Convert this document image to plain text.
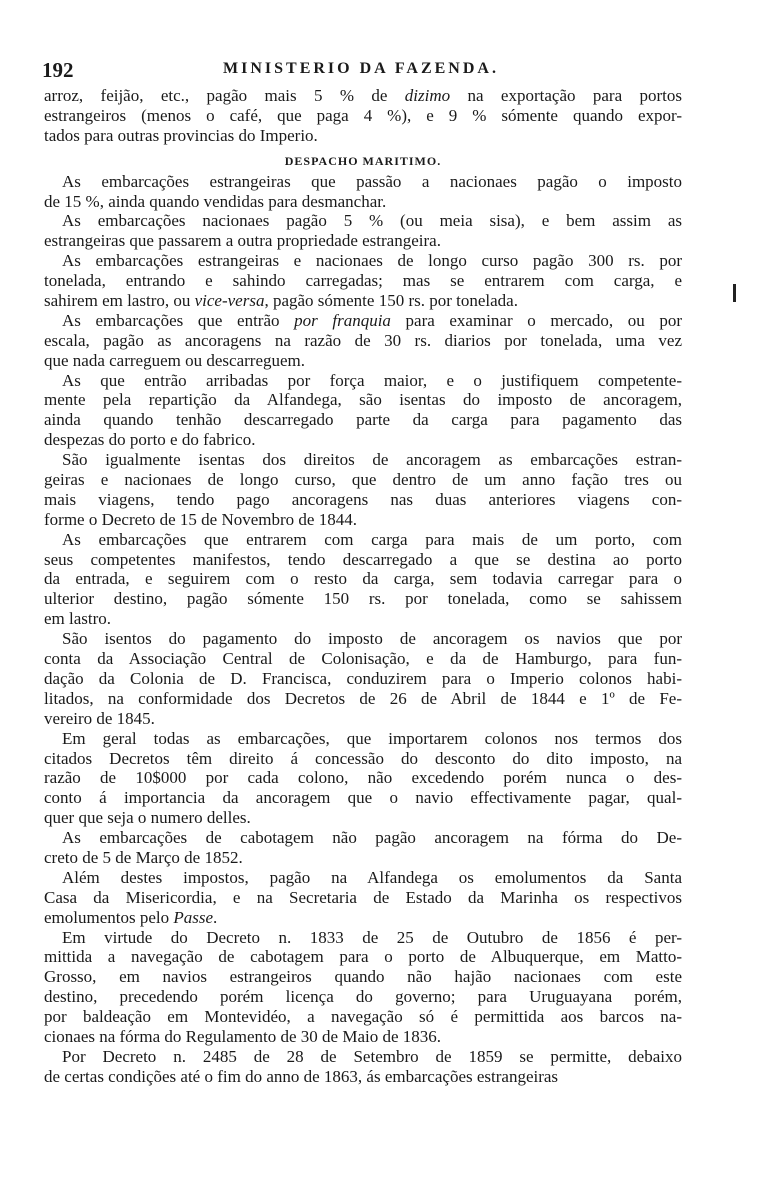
192	MINISTERIO DA FAZENDA.
arroz, feijão, etc., pagão mais 5 % de dizimo na exportação para portos
estrangeiros (menos o café, que paga 4 %), e 9 % sómente quando expor-
tados para outras provincias do Imperio.
DESPACHO MARITIMO.
As embarcações estrangeiras que passão a nacionaes pagão o imposto
de 15 %, ainda quando vendidas para desmanchar.
As embarcações nacionaes pagão 5 % (ou meia sisa), e bem assim as
estrangeiras que passarem a outra propriedade estrangeira.
As embarcações estrangeiras e nacionaes de longo curso pagão 300 rs. por
tonelada, entrando e sahindo carregadas; mas se entrarem com carga, e
sahirem em lastro, ou vice-versa, pagão sómente 150 rs. por tonelada.
As embarcações que entrão por franquia para examinar o mercado, ou por
escala, pagão as ancoragens na razão de 30 rs. diarios por tonelada, uma vez
que nada carreguem ou descarreguem.
As que entrão arribadas por força maior, e o justifiquem competente-
mente pela repartição da Alfandega, são isentas do imposto de ancoragem,
ainda quando tenhão descarregado parte da carga para pagamento das
despezas do porto e do fabrico.
São igualmente isentas dos direitos de ancoragem as embarcações estran-
geiras e nacionaes de longo curso, que dentro de um anno fação tres ou
mais viagens, tendo pago ancoragens nas duas anteriores viagens con-
forme o Decreto de 15 de Novembro de 1844.
As embarcações que entrarem com carga para mais de um porto, com
seus competentes manifestos, tendo descarregado a que se destina ao porto
da entrada, e seguirem com o resto da carga, sem todavia carregar para o
ulterior destino, pagão sómente 150 rs. por tonelada, como se sahissem
em lastro.
São isentos do pagamento do imposto de ancoragem os navios que por
conta da Associação Central de Colonisação, e da de Hamburgo, para fun-
dação da Colonia de D. Francisca, conduzirem para o Imperio colonos habi-
litados, na conformidade dos Decretos de 26 de Abril de 1844 e 1º de Fe-
vereiro de 1845.
Em geral todas as embarcações, que importarem colonos nos termos dos
citados Decretos têm direito á concessão do desconto do dito imposto, na
razão de 10$000 por cada colono, não excedendo porém nunca o des-
conto á importancia da ancoragem que o navio effectivamente pagar, qual-
quer que seja o numero delles.
As embarcações de cabotagem não pagão ancoragem na fórma do De-
creto de 5 de Março de 1852.
Além destes impostos, pagão na Alfandega os emolumentos da Santa
Casa da Misericordia, e na Secretaria de Estado da Marinha os respectivos
emolumentos pelo Passe.
Em virtude do Decreto n. 1833 de 25 de Outubro de 1856 é per-
mittida a navegação de cabotagem para o porto de Albuquerque, em Matto-
Grosso, em navios estrangeiros quando não hajão nacionaes com este
destino, precedendo porém licença do governo; para Uruguayana porém,
por baldeação em Montevidéo, a navegação só é permittida aos barcos na-
cionaes na fórma do Regulamento de 30 de Maio de 1836.
Por Decreto n. 2485 de 28 de Setembro de 1859 se permitte, debaixo
de certas condições até o fim do anno de 1863, ás embarcações estrangeiras
